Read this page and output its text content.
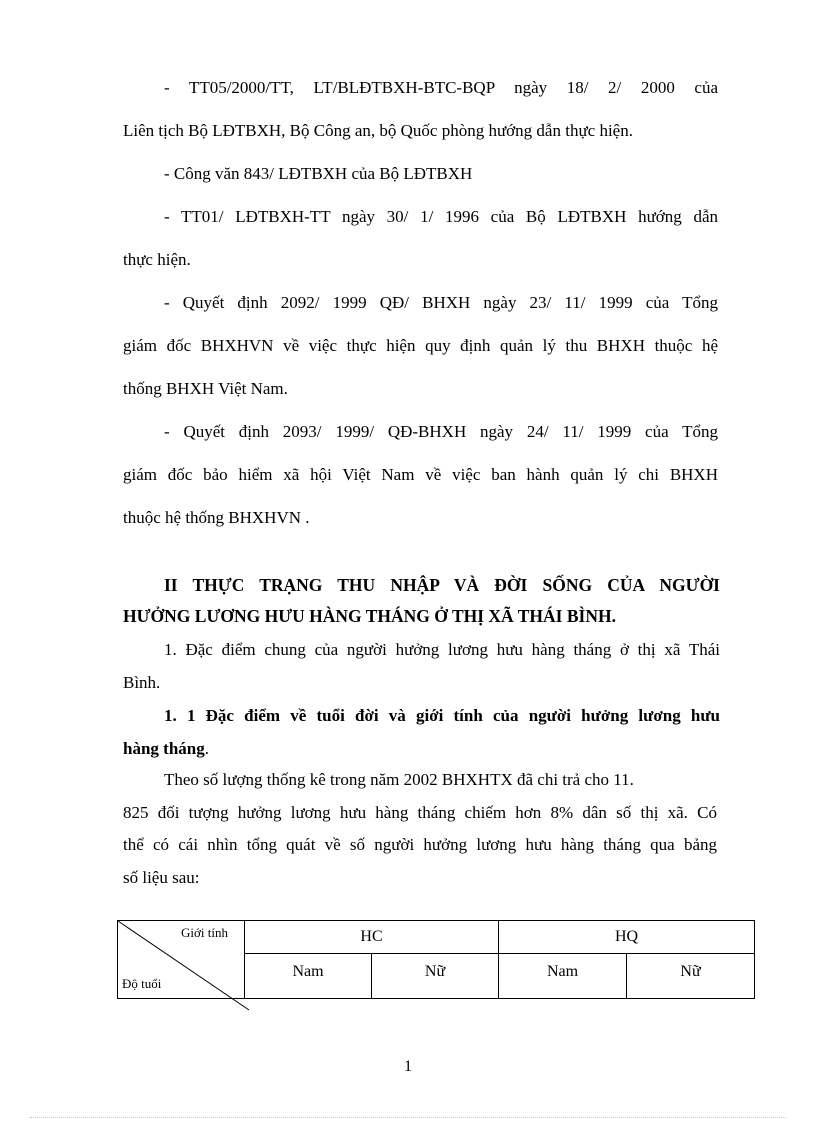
- TT05/2000/TT, LT/BLĐTBXH-BTC-BQP ngày 18/ 2/ 2000 của
Liên tịch Bộ LĐTBXH, Bộ Công an, bộ Quốc phòng hướng dẫn thực hiện.
- Công văn 843/ LĐTBXH của Bộ LĐTBXH
- TT01/ LĐTBXH-TT ngày 30/ 1/ 1996 của Bộ LĐTBXH hướng dẫn
thực hiện.
- Quyết định 2092/ 1999 QĐ/ BHXH ngày 23/ 11/ 1999 của Tổng
giám đốc BHXHVN về việc thực hiện quy định quản lý thu BHXH thuộc hệ
thống BHXH Việt Nam.
- Quyết định 2093/ 1999/ QĐ-BHXH ngày 24/ 11/ 1999 của Tổng
giám đốc bảo hiểm xã hội Việt Nam về việc ban hành quản lý chi BHXH
thuộc hệ thống BHXHVN .
II THỰC TRẠNG THU NHẬP VÀ ĐỜI SỐNG CỦA NGƯỜI
HƯỞNG LƯƠNG HƯU HÀNG THÁNG Ở THỊ XÃ THÁI BÌNH.
1. Đặc điểm chung của người hưởng lương hưu hàng tháng ở thị xã Thái
Bình.
1. 1 Đặc điểm về tuổi đời và giới tính của người hưởng lương hưu
hàng tháng.
Theo số lượng thống kê trong năm 2002 BHXHTX đã chi trả cho 11.
825 đối tượng hưởng lương hưu hàng tháng chiếm hơn 8% dân số thị xã. Có
thể có cái nhìn tổng quát về số người hưởng lương hưu hàng tháng qua bảng
số liệu sau:
Giới tính
Độ tuổi	HC		HQ	
	Nam	Nữ	Nam	Nữ
1
